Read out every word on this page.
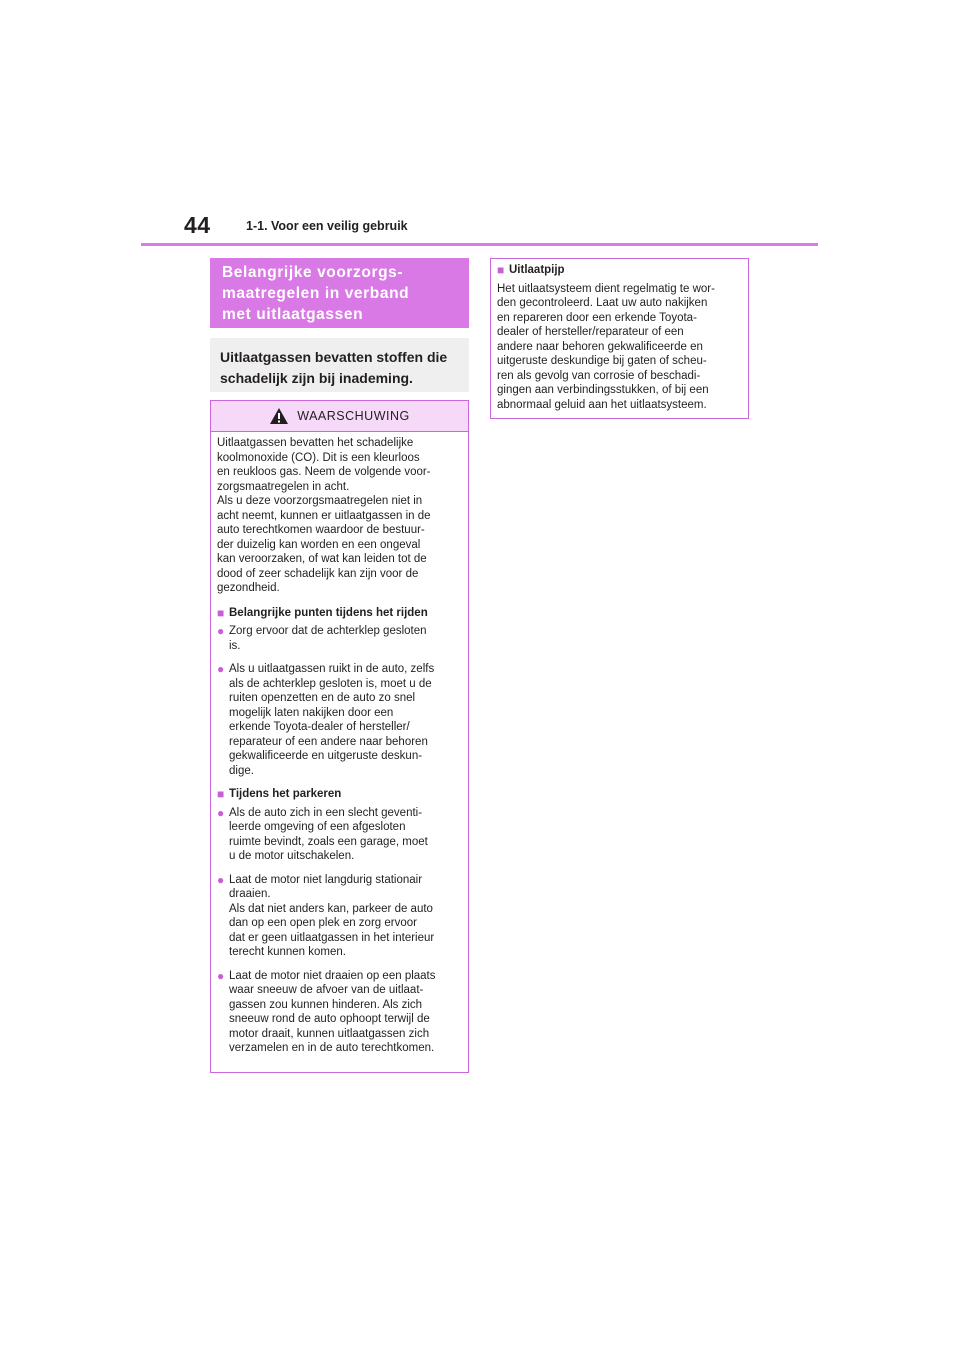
44	1-1. Voor een veilig gebruik
Belangrijke voorzorgs-
maatregelen in verband
met uitlaatgassen
Uitlaatgassen bevatten stoffen die
schadelijk zijn bij inademing.
WAARSCHUWING

Uitlaatgassen bevatten het schadelijke
koolmonoxide (CO). Dit is een kleurloos
en reukloos gas. Neem de volgende voor-
zorgsmaatregelen in acht.
Als u deze voorzorgsmaatregelen niet in
acht neemt, kunnen er uitlaatgassen in de
auto terechtkomen waardoor de bestuur-
der duizelig kan worden en een ongeval
kan veroorzaken, of wat kan leiden tot de
dood of zeer schadelijk kan zijn voor de
gezondheid.

■ Belangrijke punten tijdens het rijden
● Zorg ervoor dat de achterklep gesloten
is.
● Als u uitlaatgassen ruikt in de auto, zelfs
als de achterklep gesloten is, moet u de
ruiten openzetten en de auto zo snel
mogelijk laten nakijken door een
erkende Toyota-dealer of hersteller/
reparateur of een andere naar behoren
gekwalificeerde en uitgeruste deskun-
dige.
■ Tijdens het parkeren
● Als de auto zich in een slecht geventi-
leerde omgeving of een afgesloten
ruimte bevindt, zoals een garage, moet
u de motor uitschakelen.
● Laat de motor niet langdurig stationair
draaien.
Als dat niet anders kan, parkeer de auto
dan op een open plek en zorg ervoor
dat er geen uitlaatgassen in het interieur
terecht kunnen komen.
● Laat de motor niet draaien op een plaats
waar sneeuw de afvoer van de uitlaat-
gassen zou kunnen hinderen. Als zich
sneeuw rond de auto ophoopt terwijl de
motor draait, kunnen uitlaatgassen zich
verzamelen en in de auto terechtkomen.
■ Uitlaatpijp

Het uitlaatsysteem dient regelmatig te wor-
den gecontroleerd. Laat uw auto nakijken
en repareren door een erkende Toyota-
dealer of hersteller/reparateur of een
andere naar behoren gekwalificeerde en
uitgeruste deskundige bij gaten of scheu-
ren als gevolg van corrosie of beschadi-
gingen aan verbindingsstukken, of bij een
abnormaal geluid aan het uitlaatsysteem.
